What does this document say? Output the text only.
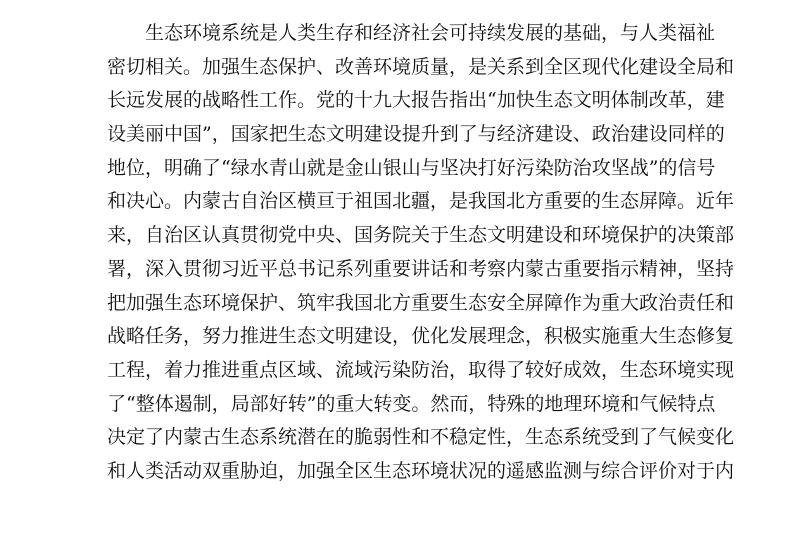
生态环境系统是人类生存和经济社会可持续发展的基础，与人类福祉
密切相关。加强生态保护、改善环境质量，是关系到全区现代化建设全局和
长远发展的战略性工作。党的十九大报告指出“加快生态文明体制改革，建
设美丽中国”，国家把生态文明建设提升到了与经济建设、政治建设同样的
地位，明确了“绿水青山就是金山银山与坚决打好污染防治攻坚战”的信号
和决心。内蒙古自治区横亘于祖国北疆，是我国北方重要的生态屏障。近年
来，自治区认真贯彻党中央、国务院关于生态文明建设和环境保护的决策部
署，深入贯彻习近平总书记系列重要讲话和考察内蒙古重要指示精神，坚持
把加强生态环境保护、筑牢我国北方重要生态安全屏障作为重大政治责任和
战略任务，努力推进生态文明建设，优化发展理念，积极实施重大生态修复
工程，着力推进重点区域、流域污染防治，取得了较好成效，生态环境实现
了“整体遏制，局部好转”的重大转变。然而，特殊的地理环境和气候特点
决定了内蒙古生态系统潜在的脆弱性和不稳定性，生态系统受到了气候变化
和人类活动双重胁迫，加强全区生态环境状况的遥感监测与综合评价对于内
